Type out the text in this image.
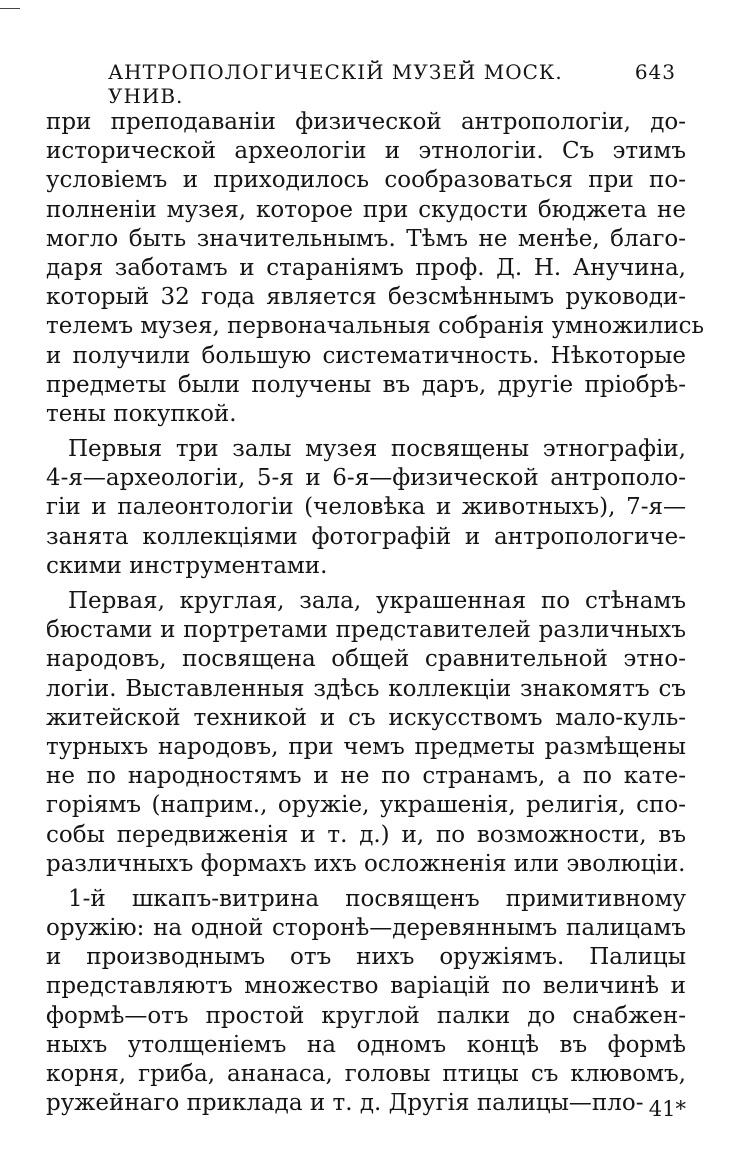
АНТРОПОЛОГИЧЕСКІЙ МУЗЕЙ МОСК. УНИВ.
643
при преподаваніи физической антропологіи, до-
исторической археологіи и этнологіи. Съ этимъ
условіемъ и приходилось сообразоваться при по-
полненіи музея, которое при скудости бюджета не
могло быть значительнымъ. Тѣмъ не менѣе, благо-
даря заботамъ и стараніямъ проф. Д. Н. Анучина,
который 32 года является безсмѣннымъ руководи-
телемъ музея, первоначальныя собранія умножились
и получили большую систематичность. Нѣкоторые
предметы были получены въ даръ, другіе пріобрѣ-
тены покупкой.
Первыя три залы музея посвящены этнографіи,
4-я—археологіи, 5-я и 6-я—физической антрополо-
гіи и палеонтологіи (человѣка и животныхъ), 7-я—
занята коллекціями фотографій и антропологиче-
скими инструментами.
Первая, круглая, зала, украшенная по стѣнамъ
бюстами и портретами представителей различныхъ
народовъ, посвящена общей сравнительной этно-
логіи. Выставленныя здѣсь коллекціи знакомятъ съ
житейской техникой и съ искусствомъ мало-куль-
турныхъ народовъ, при чемъ предметы размѣщены
не по народностямъ и не по странамъ, а по кате-
горіямъ (наприм., оружіе, украшенія, религія, спо-
собы передвиженія и т. д.) и, по возможности, въ
различныхъ формахъ ихъ осложненія или эволюціи.
1-й шкапъ-витрина посвященъ примитивному
оружію: на одной сторонѣ—деревяннымъ палицамъ
и производнымъ отъ нихъ оружіямъ. Палицы
представляютъ множество варіацій по величинѣ и
формѣ—отъ простой круглой палки до снабжен-
ныхъ утолщеніемъ на одномъ концѣ въ формѣ
корня, гриба, ананаса, головы птицы съ клювомъ,
ружейнаго приклада и т. д. Другія палицы—пло- 41*
